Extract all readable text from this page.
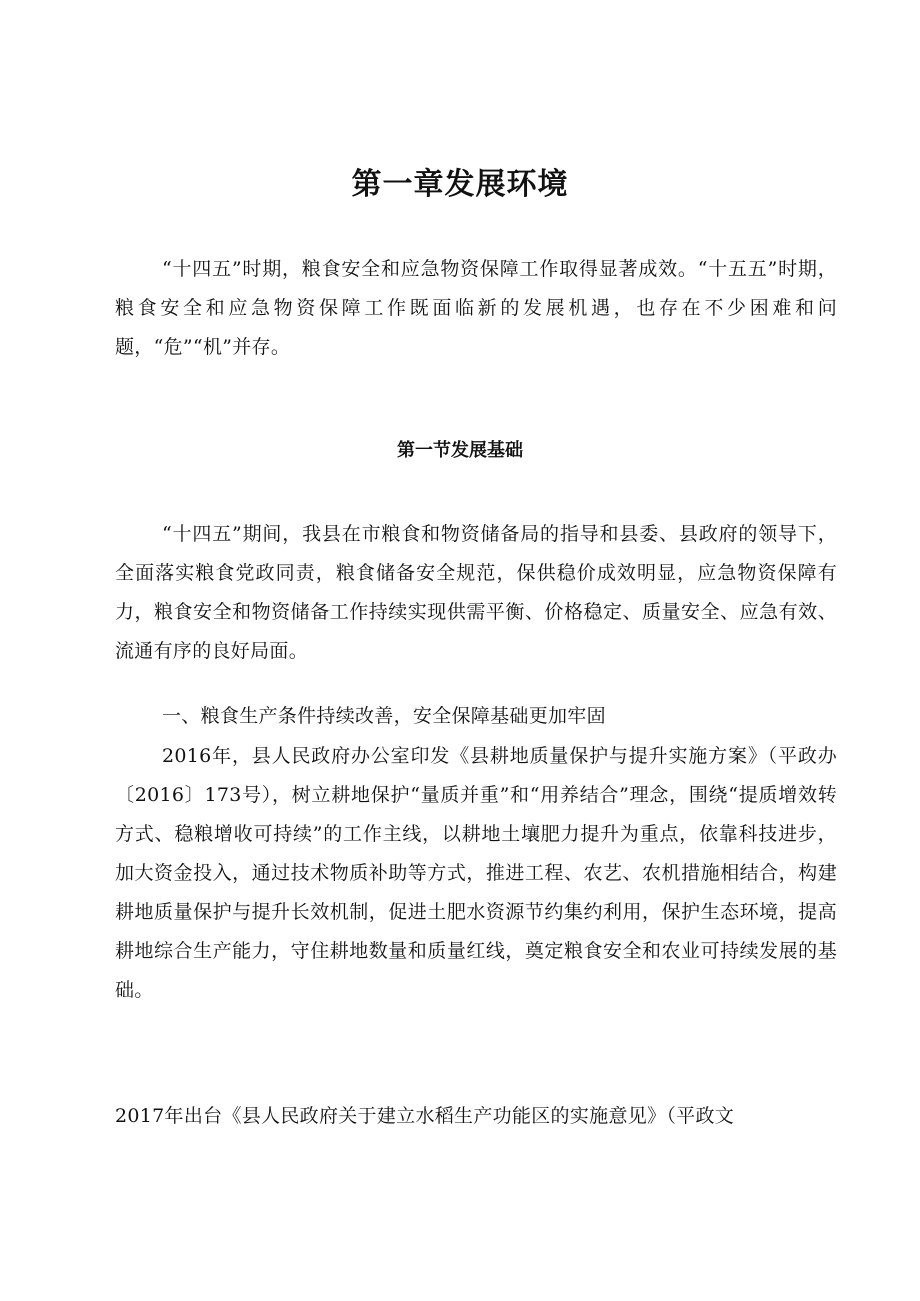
第一章发展环境

“十四五”时期，粮食安全和应急物资保障工作取得显著成效。“十五五”时期，粮食安全和应急物资保障工作既面临新的发展机遇，也存在不少困难和问题，“危”“机”并存。

第一节发展基础

“十四五”期间，我县在市粮食和物资储备局的指导和县委、县政府的领导下，全面落实粮食党政同责，粮食储备安全规范，保供稳价成效明显，应急物资保障有力，粮食安全和物资储备工作持续实现供需平衡、价格稳定、质量安全、应急有效、流通有序的良好局面。

一、粮食生产条件持续改善，安全保障基础更加牢固

2016年，县人民政府办公室印发《县耕地质量保护与提升实施方案》（平政办〔2016〕173号），树立耕地保护“量质并重”和“用养结合”理念，围绕“提质增效转方式、稳粮增收可持续”的工作主线，以耕地土壤肥力提升为重点，依靠科技进步，加大资金投入，通过技术物质补助等方式，推进工程、农艺、农机措施相结合，构建耕地质量保护与提升长效机制，促进土肥水资源节约集约利用，保护生态环境，提高耕地综合生产能力，守住耕地数量和质量红线，奠定粮食安全和农业可持续发展的基础。

2017年出台《县人民政府关于建立水稻生产功能区的实施意见》（平政文
